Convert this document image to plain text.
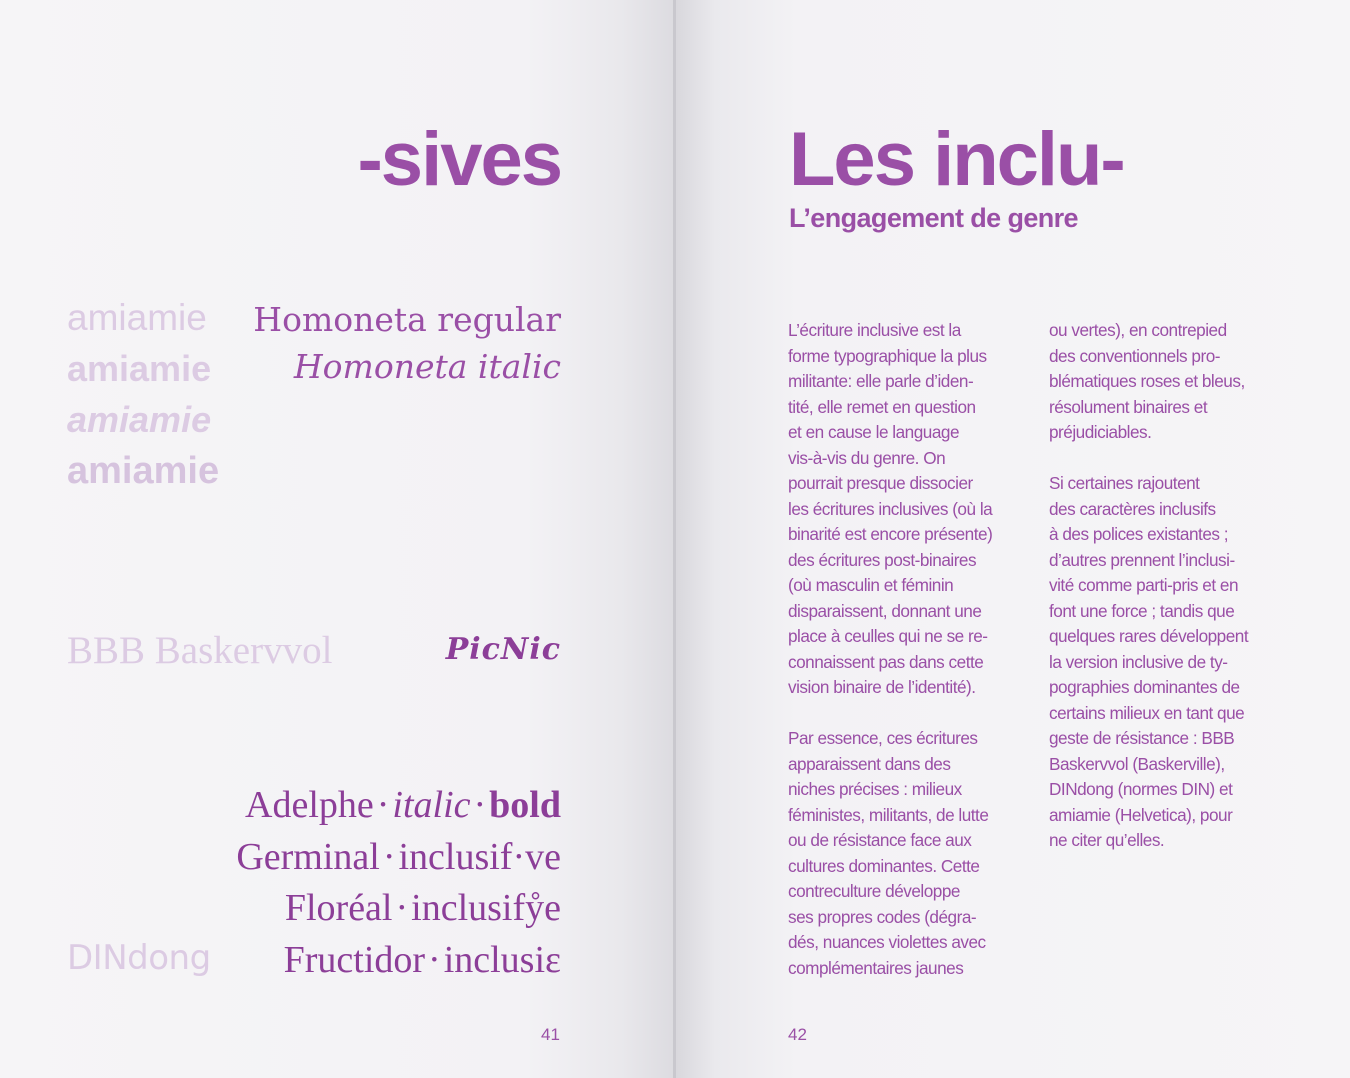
-sives
amiamie
amiamie
amiamie
amiamie
Homoneta regular
Homoneta italic
BBB Baskervvol	PicNic
Adelphe·italic·bold
Germinal·inclusif·ve
Floréal·inclusifẙe
Fructidor·inclusiɛ
DINdong
41
Les inclu-
L’engagement de genre
L’écriture inclusive est la
forme typographique la plus
militante: elle parle d’iden-
tité, elle remet en question
et en cause le language
vis-à-vis du genre. On
pourrait presque dissocier
les écritures inclusives (où la
binarité est encore présente)
des écritures post-binaires
(où masculin et féminin
disparaissent, donnant une
place à ceulles qui ne se re-
connaissent pas dans cette
vision binaire de l’identité).
Par essence, ces écritures
apparaissent dans des
niches précises : milieux
féministes, militants, de lutte
ou de résistance face aux
cultures dominantes. Cette
contreculture développe
ses propres codes (dégra-
dés, nuances violettes avec
complémentaires jaunes
ou vertes), en contrepied
des conventionnels pro-
blématiques roses et bleus,
résolument binaires et
préjudiciables.
Si certaines rajoutent
des caractères inclusifs
à des polices existantes ;
d’autres prennent l’inclusi-
vité comme parti-pris et en
font une force ; tandis que
quelques rares développent
la version inclusive de ty-
pographies dominantes de
certains milieux en tant que
geste de résistance : BBB
Baskervvol (Baskerville),
DINdong (normes DIN) et
amiamie (Helvetica), pour
ne citer qu’elles.
42
